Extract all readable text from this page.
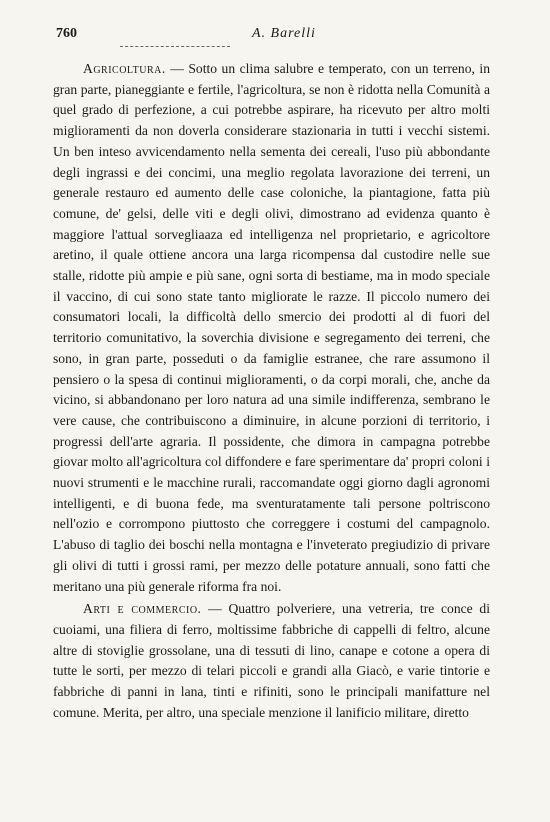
760	A. Barelli

Agricoltura. — Sotto un clima salubre e temperato, con un terreno, in gran parte, pianeggiante e fertile, l'agricoltura, se non è ridotta nella Comunità a quel grado di perfezione, a cui potrebbe aspirare, ha ricevuto per altro molti miglioramenti da non doverla considerare stazionaria in tutti i vecchi sistemi. Un ben inteso avvicendamento nella sementa dei cereali, l'uso più abbondante degli ingrassi e dei concimi, una meglio regolata lavorazione dei terreni, un generale restauro ed aumento delle case coloniche, la piantagione, fatta più comune, de' gelsi, delle viti e degli olivi, dimostrano ad evidenza quanto è maggiore l'attual sorvegliaaza ed intelligenza nel proprietario, e agricoltore aretino, il quale ottiene ancora una larga ricompensa dal custodire nelle sue stalle, ridotte più ampie e più sane, ogni sorta di bestiame, ma in modo speciale il vaccino, di cui sono state tanto migliorate le razze. Il piccolo numero dei consumatori locali, la difficoltà dello smercio dei prodotti al di fuori del territorio comunitativo, la soverchia divisione e segregamento dei terreni, che sono, in gran parte, posseduti o da famiglie estranee, che rare assumono il pensiero o la spesa di continui miglioramenti, o da corpi morali, che, anche da vicino, si abbandonano per loro natura ad una simile indifferenza, sembrano le vere cause, che contribuiscono a diminuire, in alcune porzioni di territorio, i progressi dell'arte agraria. Il possidente, che dimora in campagna potrebbe giovar molto all'agricoltura col diffondere e fare sperimentare da' propri coloni i nuovi strumenti e le macchine rurali, raccomandate oggi giorno dagli agronomi intelligenti, e di buona fede, ma sventuratamente tali persone poltriscono nell'ozio e corrompono piuttosto che correggere i costumi del campagnolo. L'abuso di taglio dei boschi nella montagna e l'inveterato pregiudizio di privare gli olivi di tutti i grossi rami, per mezzo delle potature annuali, sono fatti che meritano una più generale riforma fra noi.

Arti e commercio. — Quattro polveriere, una vetreria, tre conce di cuoiami, una filiera di ferro, moltissime fabbriche di cappelli di feltro, alcune altre di stoviglie grossolane, una di tessuti di lino, canape e cotone a opera di tutte le sorti, per mezzo di telari piccoli e grandi alla Giacò, e varie tintorie e fabbriche di panni in lana, tinti e rifiniti, sono le principali manifatture nel comune. Merita, per altro, una speciale menzione il lanificio militare, diretto
